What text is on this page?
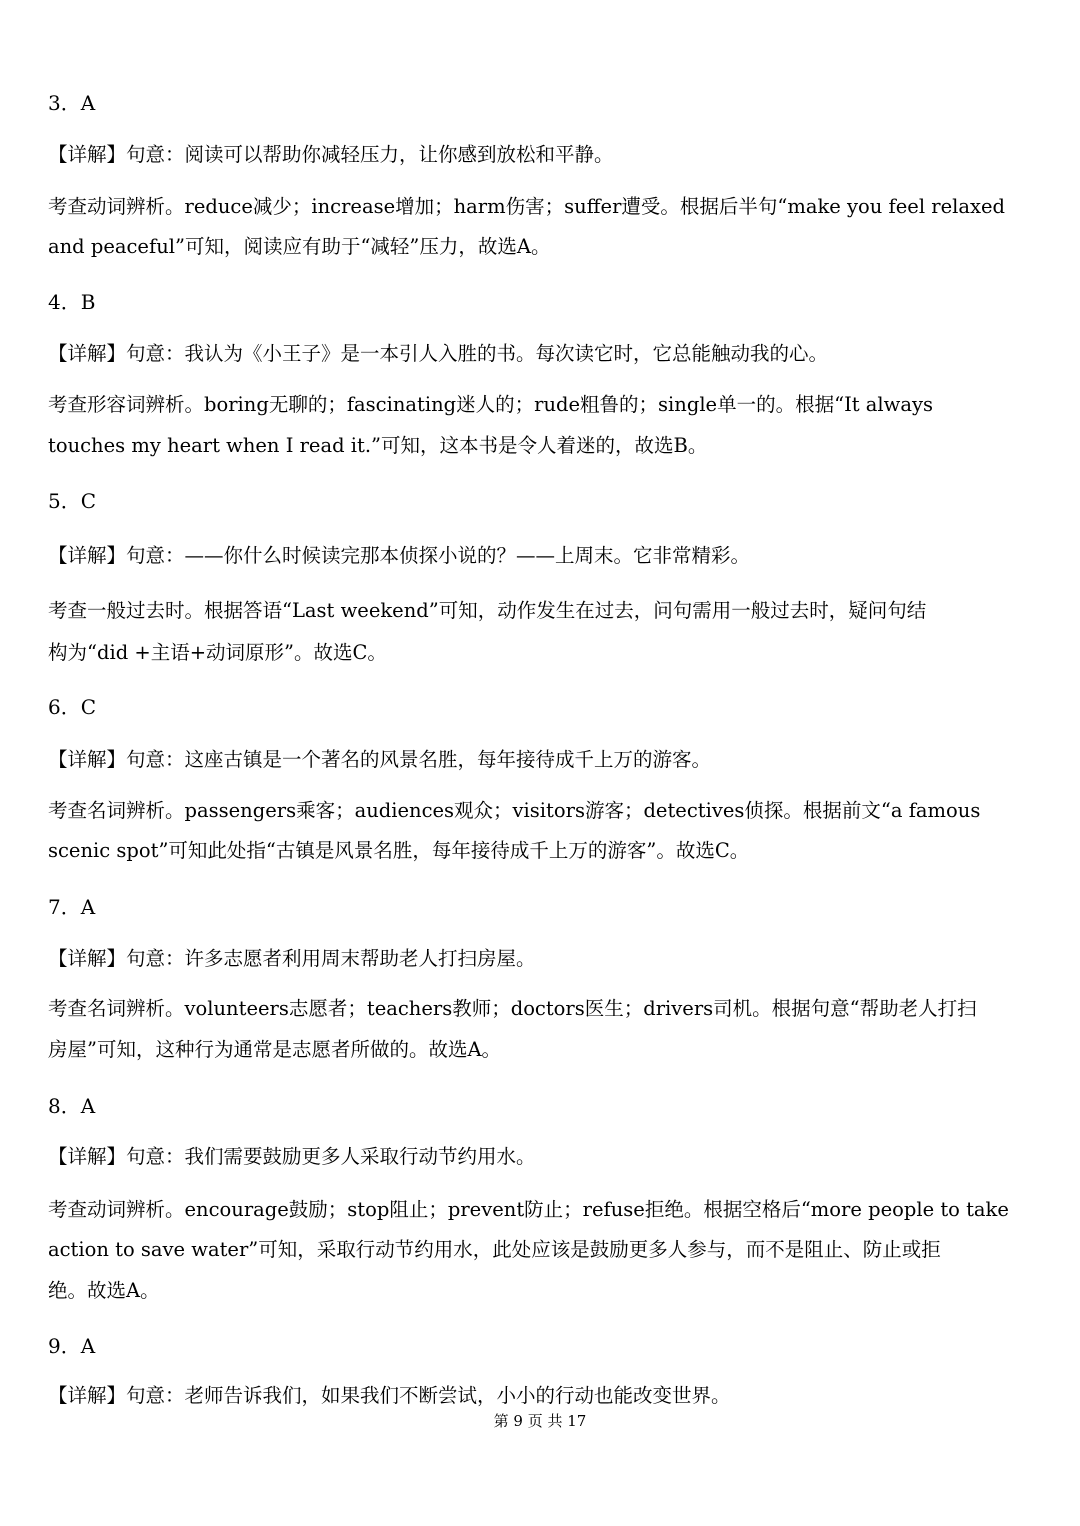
3．A
【详解】句意：阅读可以帮助你减轻压力，让你感到放松和平静。
考查动词辨析。reduce减少；increase增加；harm伤害；suffer遭受。根据后半句“make you feel relaxed
and peaceful”可知，阅读应有助于“减轻”压力，故选A。
4．B
【详解】句意：我认为《小王子》是一本引人入胜的书。每次读它时，它总能触动我的心。
考查形容词辨析。boring无聊的；fascinating迷人的；rude粗鲁的；single单一的。根据“It always
touches my heart when I read it.”可知，这本书是令人着迷的，故选B。
5．C
【详解】句意：——你什么时候读完那本侦探小说的？——上周末。它非常精彩。
考查一般过去时。根据答语“Last weekend”可知，动作发生在过去，问句需用一般过去时，疑问句结
构为“did +主语+动词原形”。故选C。
6．C
【详解】句意：这座古镇是一个著名的风景名胜，每年接待成千上万的游客。
考查名词辨析。passengers乘客；audiences观众；visitors游客；detectives侦探。根据前文“a famous
scenic spot”可知此处指“古镇是风景名胜，每年接待成千上万的游客”。故选C。
7．A
【详解】句意：许多志愿者利用周末帮助老人打扫房屋。
考查名词辨析。volunteers志愿者；teachers教师；doctors医生；drivers司机。根据句意“帮助老人打扫
房屋”可知，这种行为通常是志愿者所做的。故选A。
8．A
【详解】句意：我们需要鼓励更多人采取行动节约用水。
考查动词辨析。encourage鼓励；stop阻止；prevent防止；refuse拒绝。根据空格后“more people to take
action to save water”可知，采取行动节约用水，此处应该是鼓励更多人参与，而不是阻止、防止或拒
绝。故选A。
9．A
【详解】句意：老师告诉我们，如果我们不断尝试，小小的行动也能改变世界。
第 9 页 共 17
